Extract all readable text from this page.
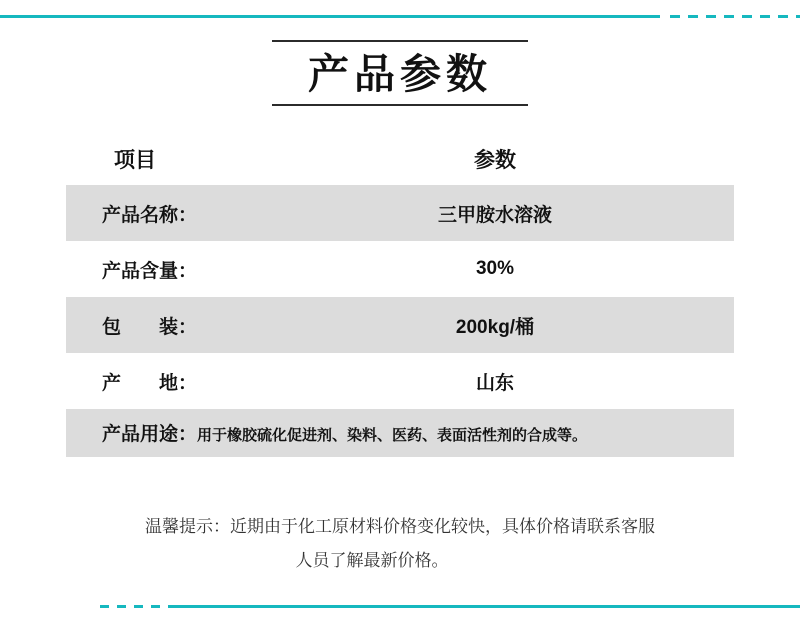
产品参数
项目	参数
产品名称：	三甲胺水溶液
产品含量：	30%
包　　装：	200kg/桶
产　　地：	山东
产品用途： 用于橡胶硫化促进剂、染料、医药、表面活性剂的合成等。
温馨提示：近期由于化工原材料价格变化较快，具体价格请联系客服
人员了解最新价格。
